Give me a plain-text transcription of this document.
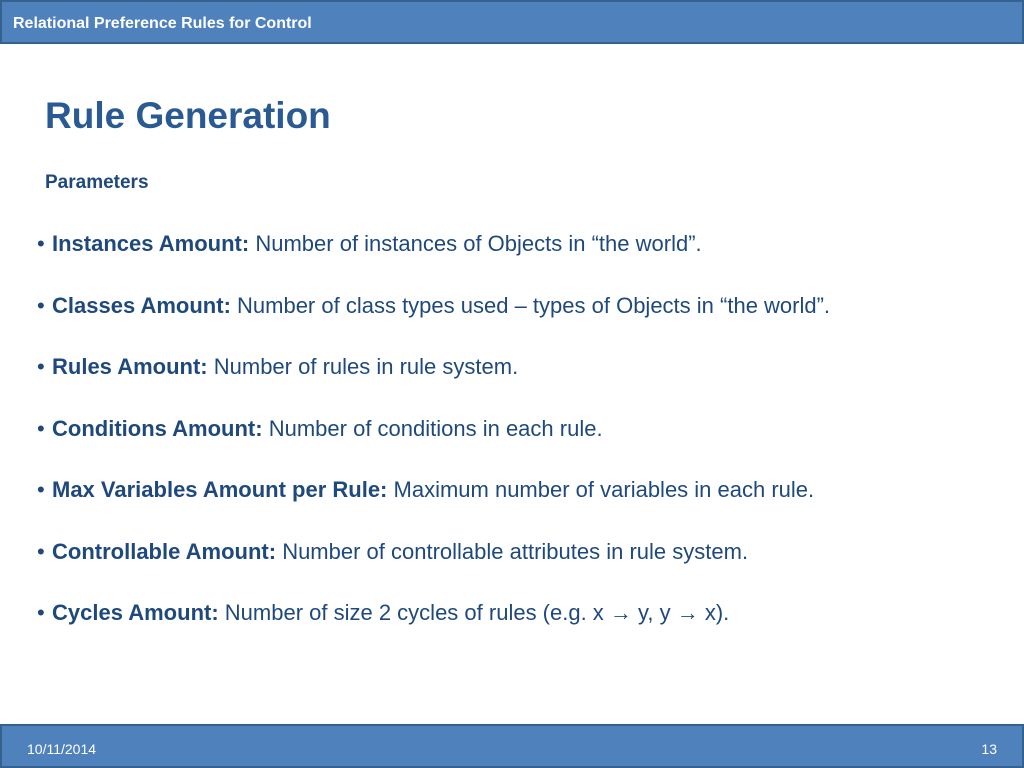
Relational Preference Rules for Control
Rule Generation
Parameters
• Instances Amount: Number of instances of Objects in “the world”.
• Classes Amount: Number of class types used – types of Objects in “the world”.
• Rules Amount: Number of rules in rule system.
• Conditions Amount: Number of conditions in each rule.
• Max Variables Amount per Rule: Maximum number of variables in each rule.
• Controllable Amount: Number of controllable attributes in rule system.
• Cycles Amount: Number of size 2 cycles of rules (e.g. x → y, y → x).
10/11/2014	13
